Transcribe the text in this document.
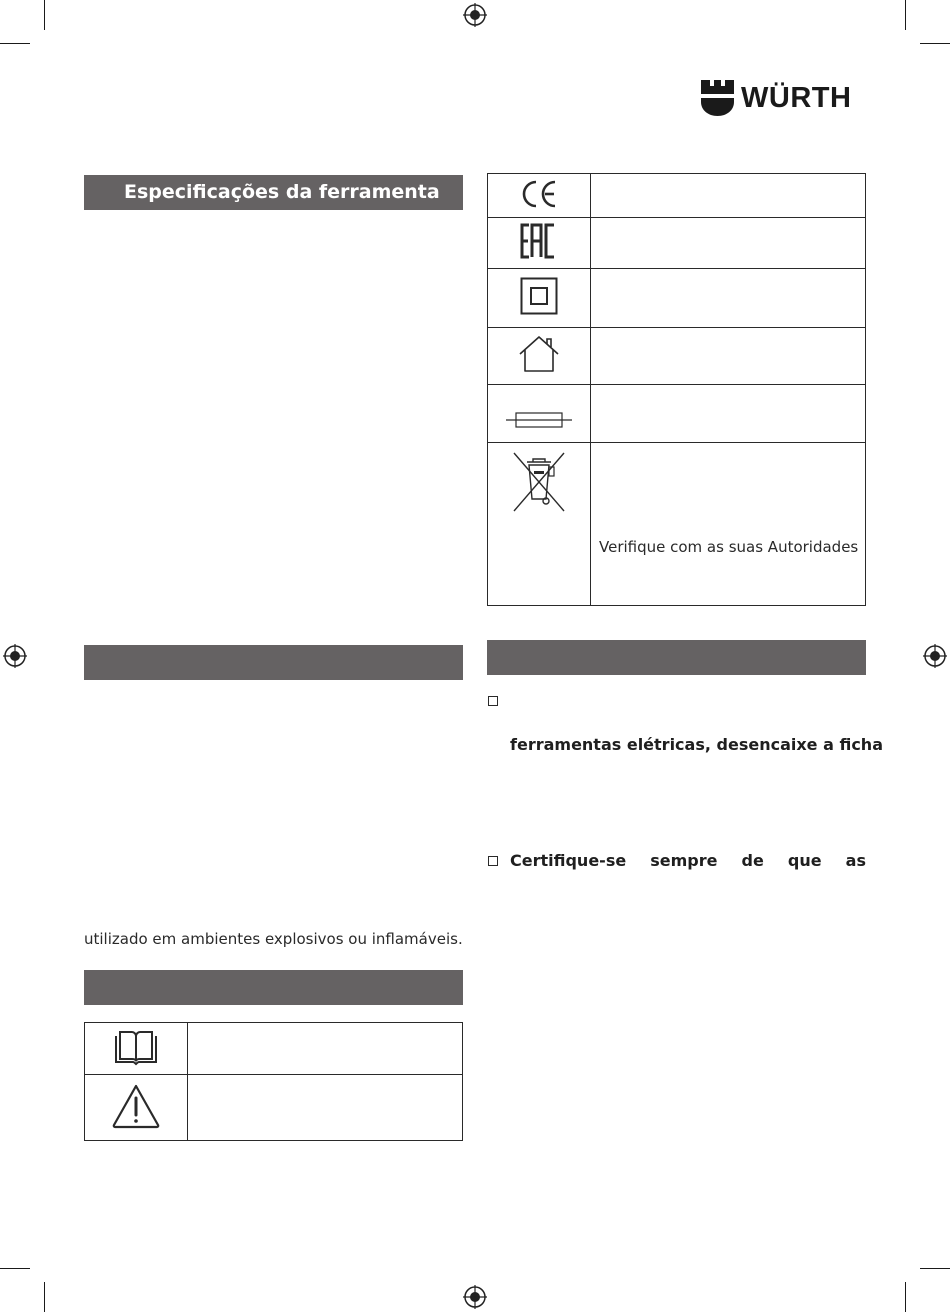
WÜRTH
Especificações da ferramenta
utilizado em ambientes explosivos ou inflamáveis.

	Verifique com as suas Autoridades
ferramentas elétricas, desencaixe a ficha
Certifique-se sempre de que as
